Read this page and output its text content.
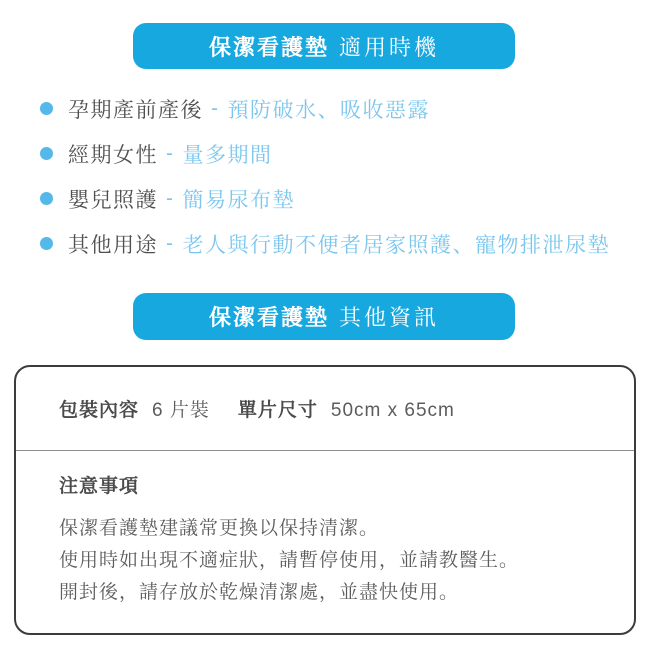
保潔看護墊 適用時機
孕期產前產後 - 預防破水、吸收惡露
經期女性 - 量多期間
嬰兒照護 - 簡易尿布墊
其他用途 - 老人與行動不便者居家照護、寵物排泄尿墊
保潔看護墊 其他資訊
包裝內容 6 片裝 單片尺寸 50cm x 65cm
注意事項
保潔看護墊建議常更換以保持清潔。
使用時如出現不適症狀，請暫停使用，並請教醫生。
開封後，請存放於乾燥清潔處，並盡快使用。
